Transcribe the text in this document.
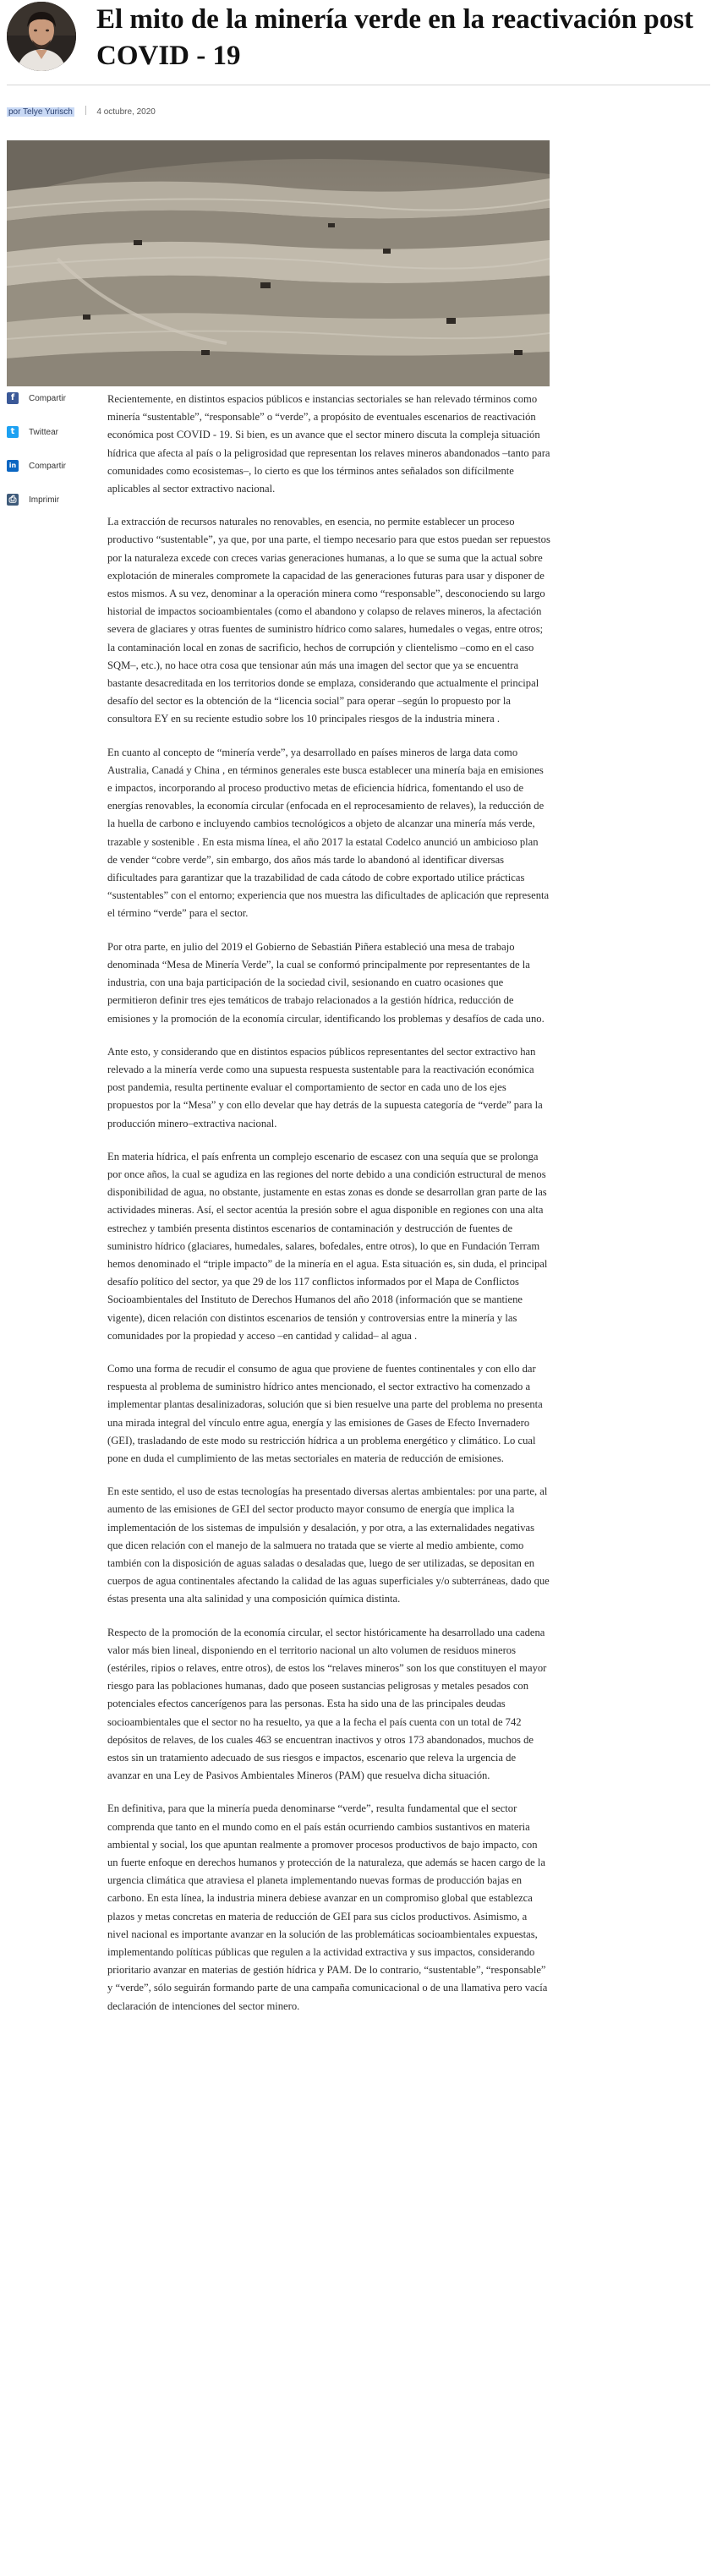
El mito de la minería verde en la reactivación post COVID - 19
por Telye Yurisch	4 octubre, 2020
f	Compartir
t	Twittear
in Compartir
⎙ Imprimir

Recientemente, en distintos espacios públicos e instancias sectoriales se han relevado términos como minería “sustentable”, “responsable” o “verde”, a propósito de eventuales escenarios de reactivación económica post COVID - 19. Si bien, es un avance que el sector minero discuta la compleja situación hídrica que afecta al país o la peligrosidad que representan los relaves mineros abandonados –tanto para comunidades como ecosistemas–, lo cierto es que los términos antes señalados son difícilmente aplicables al sector extractivo nacional.

La extracción de recursos naturales no renovables, en esencia, no permite establecer un proceso productivo “sustentable”, ya que, por una parte, el tiempo necesario para que estos puedan ser repuestos por la naturaleza excede con creces varias generaciones humanas, a lo que se suma que la actual sobre explotación de minerales compromete la capacidad de las generaciones futuras para usar y disponer de estos mismos. A su vez, denominar a la operación minera como “responsable”, desconociendo su largo historial de impactos socioambientales (como el abandono y colapso de relaves mineros, la afectación severa de glaciares y otras fuentes de suministro hídrico como salares, humedales o vegas, entre otros; la contaminación local en zonas de sacrificio, hechos de corrupción y clientelismo –como en el caso SQM–, etc.), no hace otra cosa que tensionar aún más una imagen del sector que ya se encuentra bastante desacreditada en los territorios donde se emplaza, considerando que actualmente el principal desafío del sector es la obtención de la “licencia social” para operar –según lo propuesto por la consultora EY en su reciente estudio sobre los 10 principales riesgos de la industria minera .

En cuanto al concepto de “minería verde”, ya desarrollado en países mineros de larga data como Australia, Canadá y China , en términos generales este busca establecer una minería baja en emisiones e impactos, incorporando al proceso productivo metas de eficiencia hídrica, fomentando el uso de energías renovables, la economía circular (enfocada en el reprocesamiento de relaves), la reducción de la huella de carbono e incluyendo cambios tecnológicos a objeto de alcanzar una minería más verde, trazable y sostenible . En esta misma línea, el año 2017 la estatal Codelco anunció un ambicioso plan de vender “cobre verde”, sin embargo, dos años más tarde lo abandonó al identificar diversas dificultades para garantizar que la trazabilidad de cada cátodo de cobre exportado utilice prácticas “sustentables” con el entorno; experiencia que nos muestra las dificultades de aplicación que representa el término “verde” para el sector.

Por otra parte, en julio del 2019 el Gobierno de Sebastián Piñera estableció una mesa de trabajo denominada “Mesa de Minería Verde”, la cual se conformó principalmente por representantes de la industria, con una baja participación de la sociedad civil, sesionando en cuatro ocasiones que permitieron definir tres ejes temáticos de trabajo relacionados a la gestión hídrica, reducción de emisiones y la promoción de la economía circular, identificando los problemas y desafíos de cada uno.

Ante esto, y considerando que en distintos espacios públicos representantes del sector extractivo han relevado a la minería verde como una supuesta respuesta sustentable para la reactivación económica post pandemia, resulta pertinente evaluar el comportamiento de sector en cada uno de los ejes propuestos por la “Mesa” y con ello develar que hay detrás de la supuesta categoría de “verde” para la producción minero–extractiva nacional.

En materia hídrica, el país enfrenta un complejo escenario de escasez con una sequía que se prolonga por once años, la cual se agudiza en las regiones del norte debido a una condición estructural de menos disponibilidad de agua, no obstante, justamente en estas zonas es donde se desarrollan gran parte de las actividades mineras. Así, el sector acentúa la presión sobre el agua disponible en regiones con una alta estrechez y también presenta distintos escenarios de contaminación y destrucción de fuentes de suministro hídrico (glaciares, humedales, salares, bofedales, entre otros), lo que en Fundación Terram hemos denominado el “triple impacto” de la minería en el agua. Esta situación es, sin duda, el principal desafío político del sector, ya que 29 de los 117 conflictos informados por el Mapa de Conflictos Socioambientales del Instituto de Derechos Humanos del año 2018 (información que se mantiene vigente), dicen relación con distintos escenarios de tensión y controversias entre la minería y las comunidades por la propiedad y acceso –en cantidad y calidad– al agua .

Como una forma de recudir el consumo de agua que proviene de fuentes continentales y con ello dar respuesta al problema de suministro hídrico antes mencionado, el sector extractivo ha comenzado a implementar plantas desalinizadoras, solución que si bien resuelve una parte del problema no presenta una mirada integral del vínculo entre agua, energía y las emisiones de Gases de Efecto Invernadero (GEI), trasladando de este modo su restricción hídrica a un problema energético y climático. Lo cual pone en duda el cumplimiento de las metas sectoriales en materia de reducción de emisiones.

En este sentido, el uso de estas tecnologías ha presentado diversas alertas ambientales: por una parte, al aumento de las emisiones de GEI del sector producto mayor consumo de energía que implica la implementación de los sistemas de impulsión y desalación, y por otra, a las externalidades negativas que dicen relación con el manejo de la salmuera no tratada que se vierte al medio ambiente, como también con la disposición de aguas saladas o desaladas que, luego de ser utilizadas, se depositan en cuerpos de agua continentales afectando la calidad de las aguas superficiales y/o subterráneas, dado que éstas presenta una alta salinidad y una composición química distinta.

Respecto de la promoción de la economía circular, el sector históricamente ha desarrollado una cadena valor más bien lineal, disponiendo en el territorio nacional un alto volumen de residuos mineros (estériles, ripios o relaves, entre otros), de estos los “relaves mineros” son los que constituyen el mayor riesgo para las poblaciones humanas, dado que poseen sustancias peligrosas y metales pesados con potenciales efectos cancerígenos para las personas. Esta ha sido una de las principales deudas socioambientales que el sector no ha resuelto, ya que a la fecha el país cuenta con un total de 742 depósitos de relaves, de los cuales 463 se encuentran inactivos y otros 173 abandonados, muchos de estos sin un tratamiento adecuado de sus riesgos e impactos, escenario que releva la urgencia de avanzar en una Ley de Pasivos Ambientales Mineros (PAM) que resuelva dicha situación.

En definitiva, para que la minería pueda denominarse “verde”, resulta fundamental que el sector comprenda que tanto en el mundo como en el país están ocurriendo cambios sustantivos en materia ambiental y social, los que apuntan realmente a promover procesos productivos de bajo impacto, con un fuerte enfoque en derechos humanos y protección de la naturaleza, que además se hacen cargo de la urgencia climática que atraviesa el planeta implementando nuevas formas de producción bajas en carbono. En esta línea, la industria minera debiese avanzar en un compromiso global que establezca plazos y metas concretas en materia de reducción de GEI para sus ciclos productivos. Asimismo, a nivel nacional es importante avanzar en la solución de las problemáticas socioambientales expuestas, implementando políticas públicas que regulen a la actividad extractiva y sus impactos, considerando prioritario avanzar en materias de gestión hídrica y PAM. De lo contrario, “sustentable”, “responsable” y “verde”, sólo seguirán formando parte de una campaña comunicacional o de una llamativa pero vacía declaración de intenciones del sector minero.
